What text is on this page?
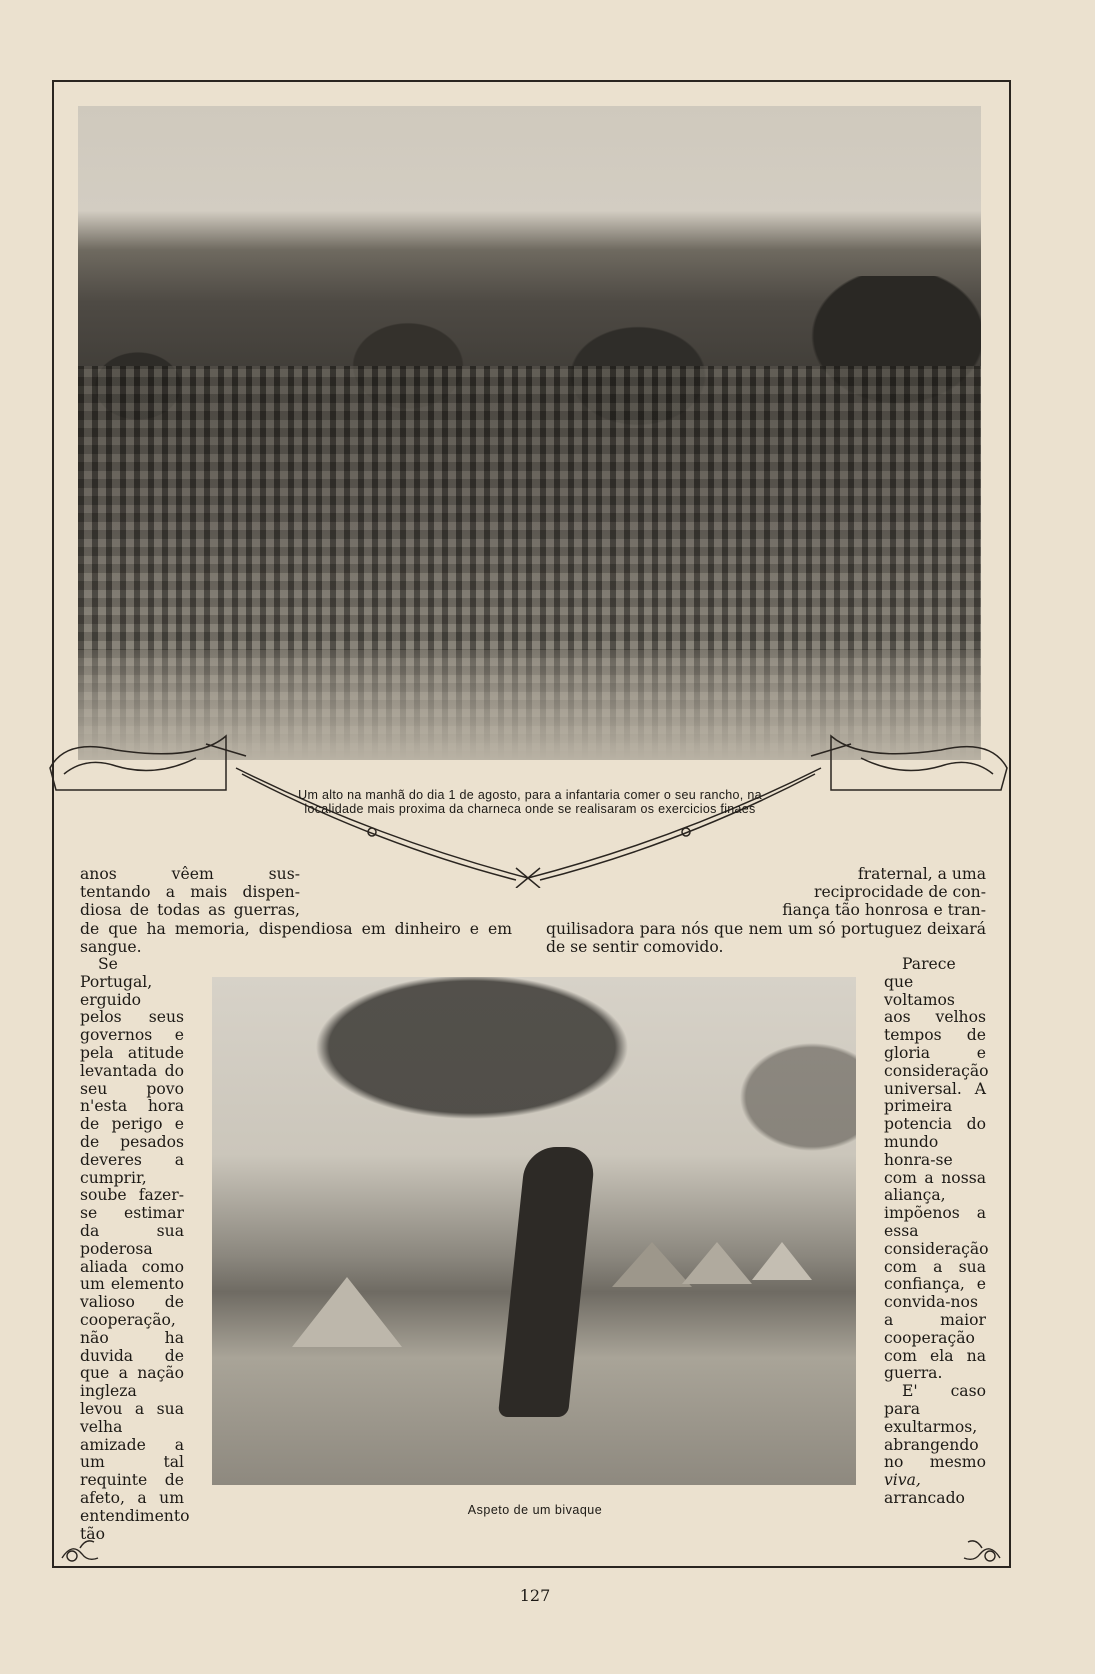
Um alto na manhã do dia 1 de agosto, para a infantaria comer o seu rancho, na localidade mais proxima da charneca onde se realisaram os exercicios finaes

anos vêem sus-
tentando a mais dispen-
diosa de todas as guerras,

de que ha memoria, dispendiosa em dinheiro e em sangue.

fraternal, a uma
reciprocidade de con-
fiança tão honrosa e tran-

quilisadora para nós que nem um só portuguez deixará de se sentir comovido.

Se Portugal, erguido pelos seus governos e pela atitude levantada do seu povo n'esta hora de perigo e de pesados deveres a cumprir, soube fazer-se estimar da sua poderosa aliada como um elemento valioso de cooperação, não ha duvida de que a nação ingleza levou a sua velha amizade a um tal requinte de afeto, a um entendimento tão

Parece que voltamos aos velhos tempos de gloria e consideração universal. A primeira potencia do mundo honra-se com a nossa aliança, impõenos a essa consideração com a sua confiança, e convida-nos a maior cooperação com ela na guerra.

E' caso para exultarmos, abrangendo no mesmo viva, arrancado

Aspeto de um bivaque
127
